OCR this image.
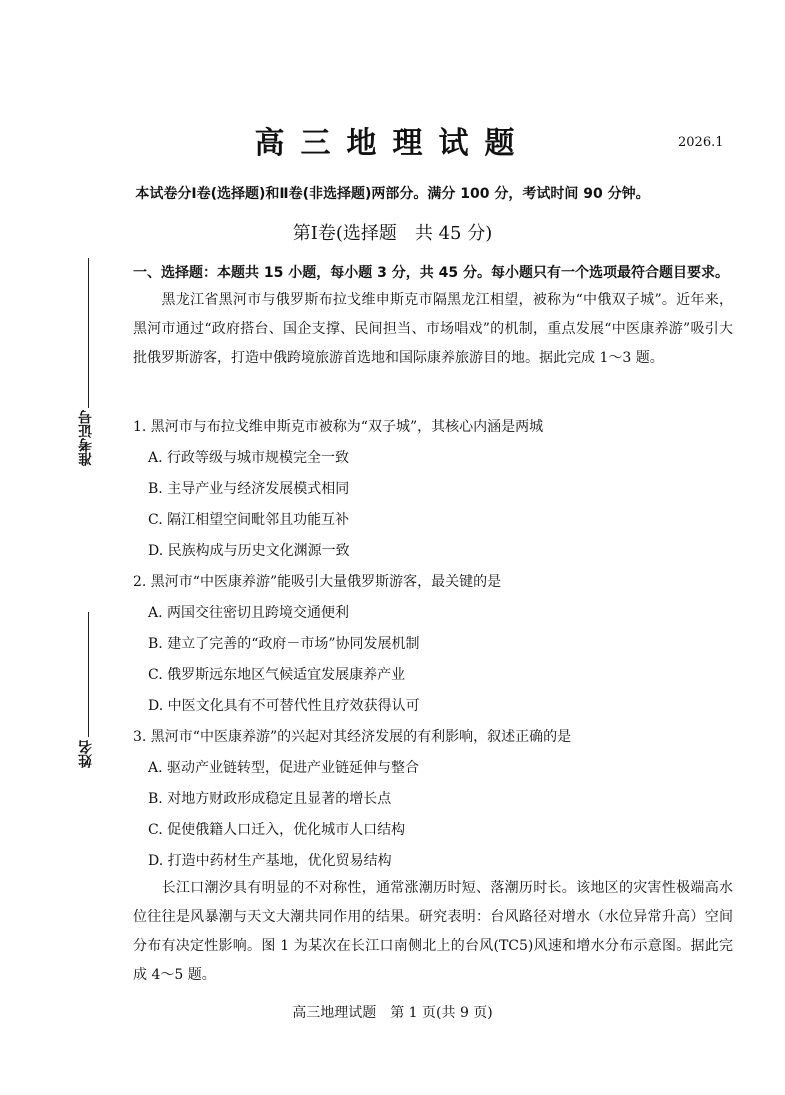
准考证号
姓名
高三地理试题	2026.1
本试卷分Ⅰ卷(选择题)和Ⅱ卷(非选择题)两部分。满分 100 分，考试时间 90 分钟。
第Ⅰ卷(选择题　共 45 分)
一、选择题：本题共 15 小题，每小题 3 分，共 45 分。每小题只有一个选项最符合题目要求。
　　黑龙江省黑河市与俄罗斯布拉戈维申斯克市隔黑龙江相望，被称为“中俄双子城”。近年来，黑河市通过“政府搭台、国企支撑、民间担当、市场唱戏”的机制，重点发展“中医康养游”吸引大批俄罗斯游客，打造中俄跨境旅游首选地和国际康养旅游目的地。据此完成 1～3 题。
1. 黑河市与布拉戈维申斯克市被称为“双子城”，其核心内涵是两城
A. 行政等级与城市规模完全一致
B. 主导产业与经济发展模式相同
C. 隔江相望空间毗邻且功能互补
D. 民族构成与历史文化渊源一致
2. 黑河市“中医康养游”能吸引大量俄罗斯游客，最关键的是
A. 两国交往密切且跨境交通便利
B. 建立了完善的“政府－市场”协同发展机制
C. 俄罗斯远东地区气候适宜发展康养产业
D. 中医文化具有不可替代性且疗效获得认可
3. 黑河市“中医康养游”的兴起对其经济发展的有利影响，叙述正确的是
A. 驱动产业链转型，促进产业链延伸与整合
B. 对地方财政形成稳定且显著的增长点
C. 促使俄籍人口迁入，优化城市人口结构
D. 打造中药材生产基地，优化贸易结构
　　长江口潮汐具有明显的不对称性，通常涨潮历时短、落潮历时长。该地区的灾害性极端高水位往往是风暴潮与天文大潮共同作用的结果。研究表明：台风路径对增水（水位异常升高）空间分布有决定性影响。图 1 为某次在长江口南侧北上的台风(TC5)风速和增水分布示意图。据此完成 4～5 题。
高三地理试题　第 1 页(共 9 页)
